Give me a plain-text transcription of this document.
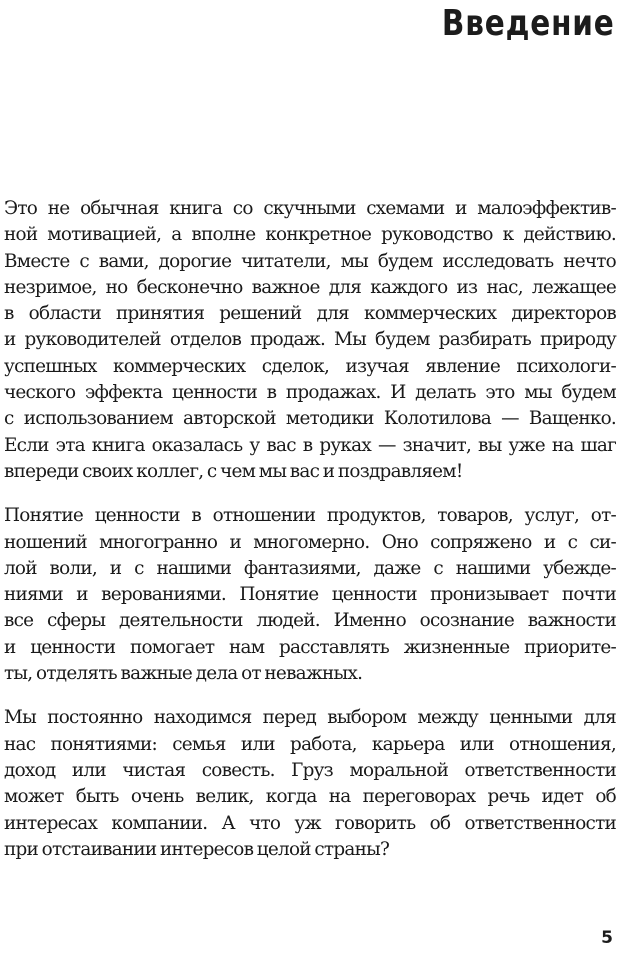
Введение

Это не обычная книга со скучными схемами и малоэффектив-
ной мотивацией, а вполне конкретное руководство к действию.
Вместе с вами, дорогие читатели, мы будем исследовать нечто
незримое, но бесконечно важное для каждого из нас, лежащее
в области принятия решений для коммерческих директоров
и руководителей отделов продаж. Мы будем разбирать природу
успешных коммерческих сделок, изучая явление психологи-
ческого эффекта ценности в продажах. И делать это мы будем
с использованием авторской методики Колотилова — Ващенко.
Если эта книга оказалась у вас в руках — значит, вы уже на шаг
впереди своих коллег, с чем мы вас и поздравляем!

Понятие ценности в отношении продуктов, товаров, услуг, от-
ношений многогранно и многомерно. Оно сопряжено и с си-
лой воли, и с нашими фантазиями, даже с нашими убежде-
ниями и верованиями. Понятие ценности пронизывает почти
все сферы деятельности людей. Именно осознание важности
и ценности помогает нам расставлять жизненные приорите-
ты, отделять важные дела от неважных.

Мы постоянно находимся перед выбором между ценными для
нас понятиями: семья или работа, карьера или отношения,
доход или чистая совесть. Груз моральной ответственности
может быть очень велик, когда на переговорах речь идет об
интересах компании. А что уж говорить об ответственности
при отстаивании интересов целой страны?

5
